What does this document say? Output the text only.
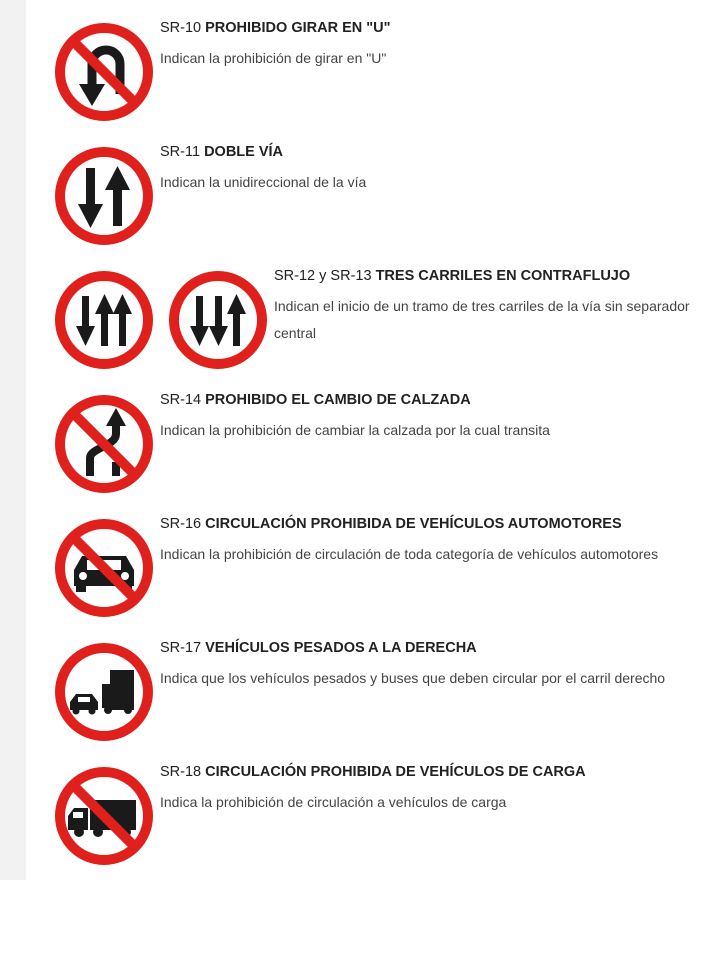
SR-10 PROHIBIDO GIRAR EN "U"
Indican la prohibición de girar en "U"
SR-11 DOBLE VÍA
Indican la unidireccional de la vía
SR-12 y SR-13 TRES CARRILES EN CONTRAFLUJO
Indican el inicio de un tramo de tres carriles de la vía sin separador central
SR-14 PROHIBIDO EL CAMBIO DE CALZADA
Indican la prohibición de cambiar la calzada por la cual transita
SR-16 CIRCULACIÓN PROHIBIDA DE VEHÍCULOS AUTOMOTORES
Indican la prohibición de circulación de toda categoría de vehículos automotores
SR-17 VEHÍCULOS PESADOS A LA DERECHA
Indica que los vehículos pesados y buses que deben circular por el carril derecho
SR-18 CIRCULACIÓN PROHIBIDA DE VEHÍCULOS DE CARGA
Indica la prohibición de circulación a vehículos de carga
